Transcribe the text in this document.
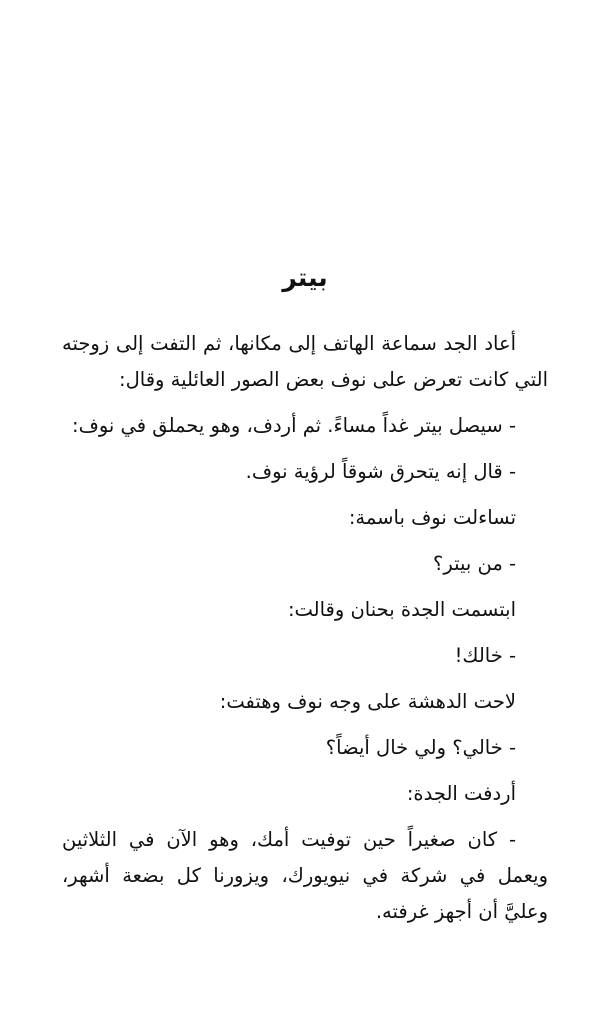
بيتر

أعاد الجد سماعة الهاتف إلى مكانها، ثم التفت إلى زوجته التي كانت تعرض على نوف بعض الصور العائلية وقال:

- سيصل بيتر غداً مساءً. ثم أردف، وهو يحملق في نوف:

- قال إنه يتحرق شوقاً لرؤية نوف.

تساءلت نوف باسمة:

- من بيتر؟

ابتسمت الجدة بحنان وقالت:

- خالك!

لاحت الدهشة على وجه نوف وهتفت:

- خالي؟ ولي خال أيضاً؟

أردفت الجدة:

- كان صغيراً حين توفيت أمك، وهو الآن في الثلاثين ويعمل في شركة في نيويورك، ويزورنا كل بضعة أشهر، وعليَّ أن أجهز غرفته.
